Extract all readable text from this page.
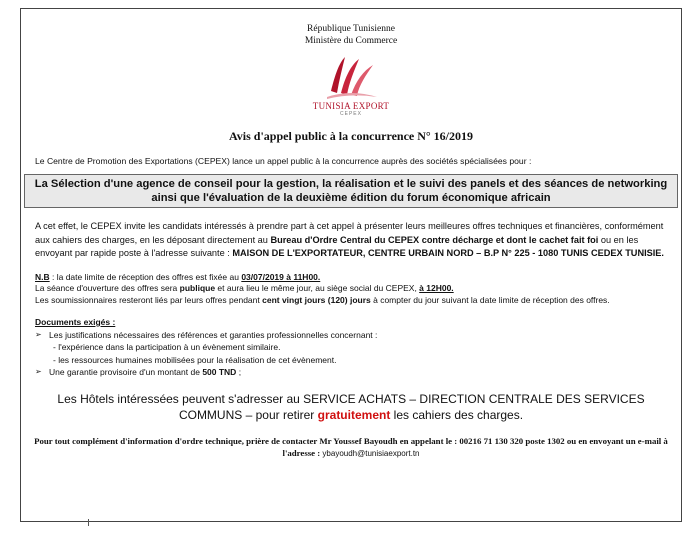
République Tunisienne
Ministère du Commerce
TUNISIA EXPORT
CEPEX
Avis d'appel public à la concurrence N° 16/2019
Le Centre de Promotion des Exportations (CEPEX) lance un appel public à la concurrence auprès des sociétés spécialisées pour :
La Sélection d'une agence de conseil pour la gestion, la réalisation et le suivi des panels et des séances de networking ainsi que l'évaluation de la deuxième édition du forum économique africain
A cet effet, le CEPEX invite les candidats intéressés à prendre part à cet appel à présenter leurs meilleures offres techniques et financières, conformément aux cahiers des charges, en les déposant directement au Bureau d'Ordre Central du CEPEX contre décharge et dont le cachet fait foi ou en les envoyant par rapide poste à l'adresse suivante : MAISON DE L'EXPORTATEUR, CENTRE URBAIN NORD – B.P N° 225 - 1080 TUNIS CEDEX TUNISIE.
N.B : la date limite de réception des offres est fixée au 03/07/2019 à 11H00.
La séance d'ouverture des offres sera publique et aura lieu le même jour, au siège social du CEPEX, à 12H00.
Les soumissionnaires resteront liés par leurs offres pendant cent vingt jours (120) jours à compter du jour suivant la date limite de réception des offres.
Documents exigés :
➢ Les justifications nécessaires des références et garanties professionnelles concernant :
- l'expérience dans la participation à un évènement similaire.
- les ressources humaines mobilisées pour la réalisation de cet évènement.
➢ Une garantie provisoire d'un montant de 500 TND ;
Les Hôtels intéressées peuvent s'adresser au SERVICE ACHATS – DIRECTION CENTRALE DES SERVICES COMMUNS – pour retirer gratuitement les cahiers des charges.
Pour tout complément d'information d'ordre technique, prière de contacter Mr Youssef Bayoudh en appelant le : 00216 71 130 320 poste 1302 ou en envoyant un e-mail à l'adresse : ybayoudh@tunisiaexport.tn
